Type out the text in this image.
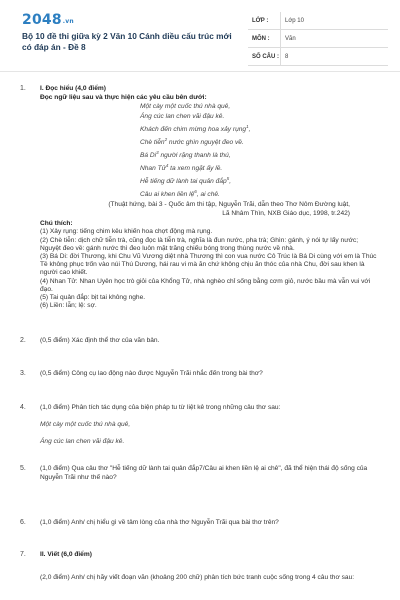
2048.vn
Bộ 10 đề thi giữa kỳ 2 Văn 10 Cánh diều cấu trúc mới có đáp án - Đề 8
LỚP :	Lớp 10
MÔN :	Văn
SỐ CÂU :	8
1. I. Đọc hiểu (4,0 điểm)
Đọc ngữ liệu sau và thực hiện các yêu cầu bên dưới:
Một cày một cuốc thú nhà quê,
Áng cúc lan chen vãi đậu kê.
Khách đến chim mừng hoa xảy rụng$^1$,
Chè tiễn$^2$ nước ghìn nguyệt đeo về.
Bá Di$^3$ người rặng thanh là thú,
Nhan Tử$^4$ ta xem ngặt ấy lề.
Hễ tiếng dữ lành tai quản đắp$^5$,
Câu ai khen liền lệ$^6$, ai chê.
(Thuật hứng, bài 3 - Quốc âm thi tập, Nguyễn Trãi, dẫn theo Thơ Nôm Đường luật,
Lã Nhâm Thìn, NXB Giáo dục, 1998, tr.242)
Chú thích:
(1) Xảy rụng: tiếng chim kêu khiến hoa chợt động mà rụng.
(2) Chè tiễn: dịch chữ tiễn trà, cũng đọc là tiễn trà, nghĩa là đun nước, pha trà; Ghìn: gánh, ý nói tự lấy nước; Nguyệt đeo về: gánh nước thì đeo luôn mặt trăng chiếu bóng trong thùng nước về nhà.
(3) Bá Di: đời Thương, khi Chu Vũ Vương diệt nhà Thương thì con vua nước Cô Trúc là Bá Di cùng với em là Thúc Tề không phục trốn vào núi Thú Dương, hái rau vi mà ăn chứ không chịu ăn thóc của nhà Chu, đời sau khen là người cao khiết.
(4) Nhan Tử: Nhan Uyên học trò giỏi của Khổng Tử, nhà nghèo chỉ sống bằng cơm giỏ, nước bầu mà vẫn vui với đạo.
(5) Tai quản đắp: bịt tai không nghe.
(6) Liền: lẫn; lệ: sợ.
2. (0,5 điểm) Xác định thể thơ của văn bản.
3. (0,5 điểm) Công cụ lao động nào được Nguyễn Trãi nhắc đến trong bài thơ?
4. (1,0 điểm) Phân tích tác dụng của biện pháp tu từ liệt kê trong những câu thơ sau:
Một cày một cuốc thú nhà quê,
Áng cúc lan chen vãi đậu kê.
5. (1,0 điểm) Qua câu thơ "Hễ tiếng dữ lành tai quản đắp7/Câu ai khen liền lệ ai chê", đã thể hiện thái độ sống của Nguyễn Trãi như thế nào?
6. (1,0 điểm) Anh/ chị hiểu gì về tâm lòng của nhà thơ Nguyễn Trãi qua bài thơ trên?
7. II. Viết (6,0 điểm)
(2,0 điểm) Anh/ chị hãy viết đoạn văn (khoảng 200 chữ) phân tích bức tranh cuộc sống trong 4 câu thơ sau:
